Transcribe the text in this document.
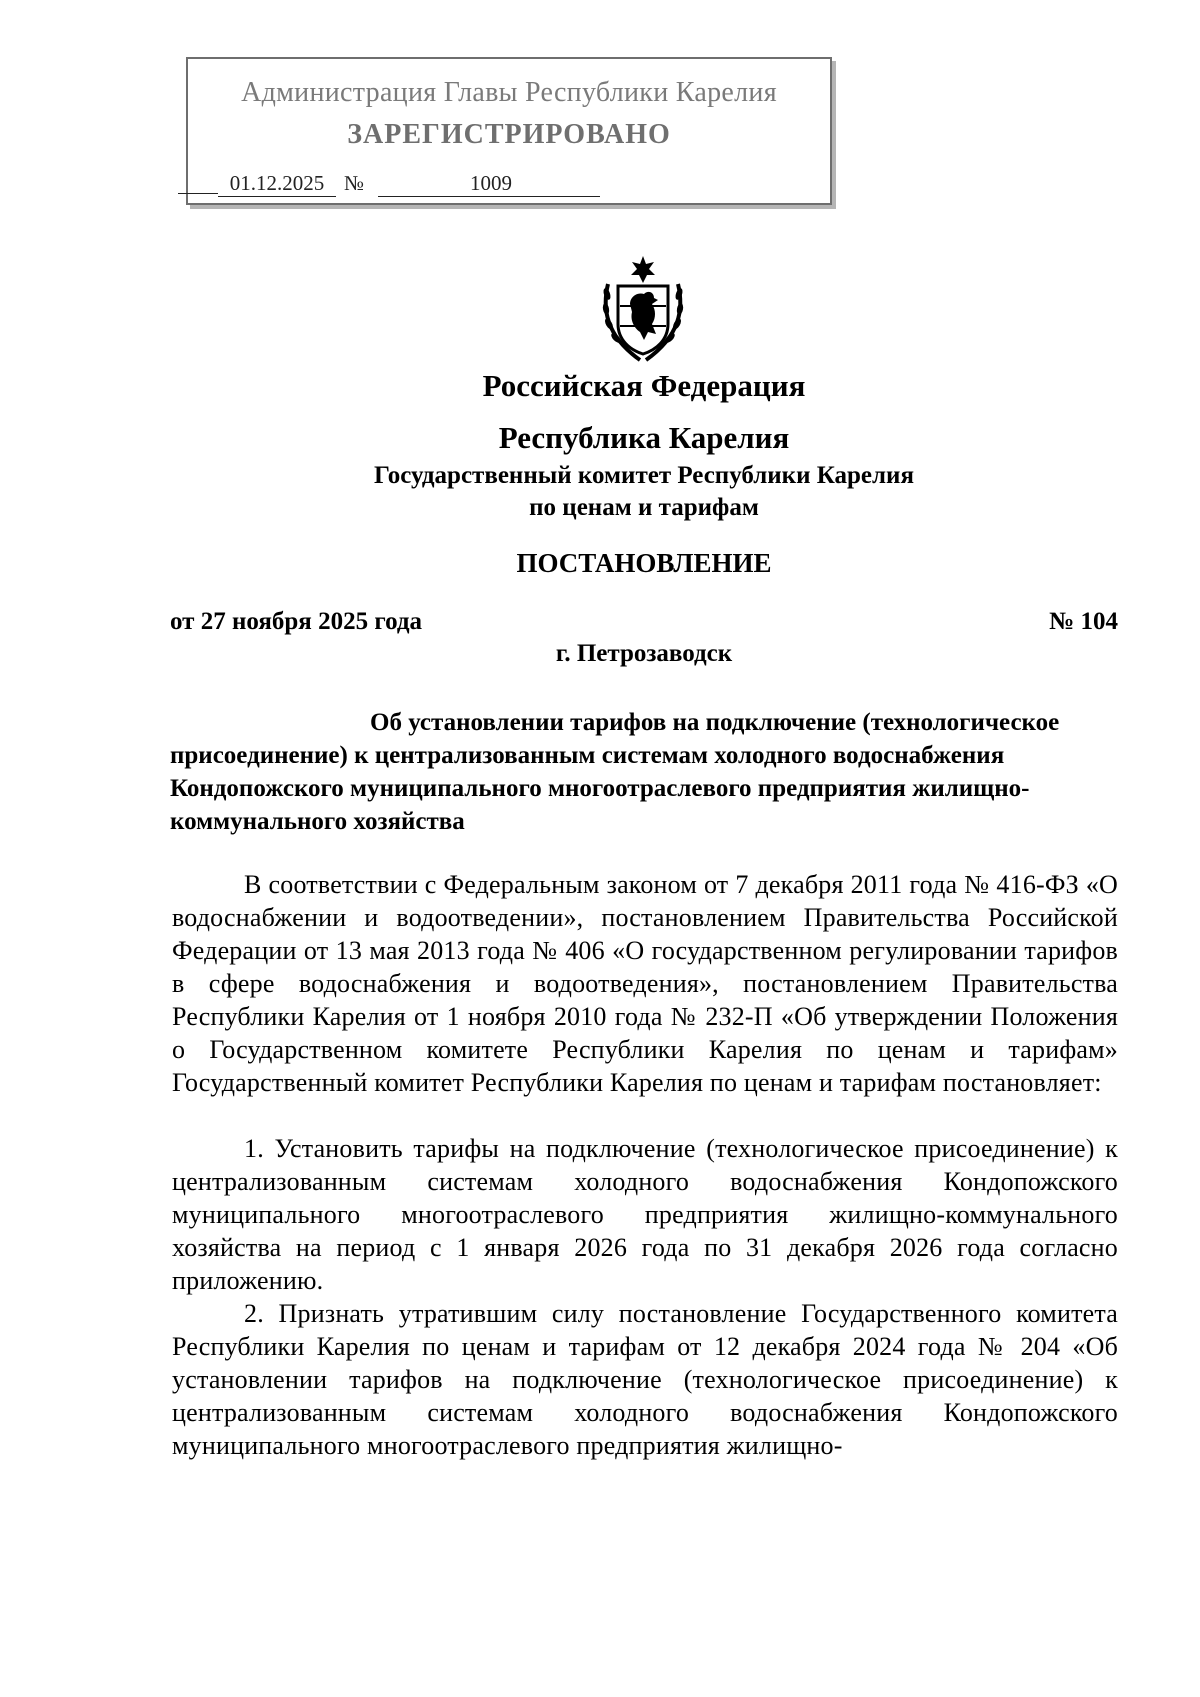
Администрация Главы Республики Карелия
ЗАРЕГИСТРИРОВАНО
01.12.2025 №	1009
Российская Федерация
Республика Карелия
Государственный комитет Республики Карелия
по ценам и тарифам
ПОСТАНОВЛЕНИЕ
от 27 ноября 2025 года	№ 104
г. Петрозаводск
Об установлении тарифов на подключение (технологическое присоединение) к централизованным системам холодного водоснабжения Кондопожского муниципального многоотраслевого предприятия жилищно-коммунального хозяйства
В соответствии с Федеральным законом от 7 декабря 2011 года № 416-ФЗ «О водоснабжении и водоотведении», постановлением Правительства Российской Федерации от 13 мая 2013 года № 406 «О государственном регулировании тарифов в сфере водоснабжения и водоотведения», постановлением Правительства Республики Карелия от 1 ноября 2010 года № 232-П «Об утверждении Положения о Государственном комитете Республики Карелия по ценам и тарифам» Государственный комитет Республики Карелия по ценам и тарифам постановляет:
1. Установить тарифы на подключение (технологическое присоединение) к централизованным системам холодного водоснабжения Кондопожского муниципального многоотраслевого предприятия жилищно-коммунального хозяйства на период с 1 января 2026 года по 31 декабря 2026 года согласно приложению.
2. Признать утратившим силу постановление Государственного комитета Республики Карелия по ценам и тарифам от 12 декабря 2024 года № 204 «Об установлении тарифов на подключение (технологическое присоединение) к централизованным системам холодного водоснабжения Кондопожского муниципального многоотраслевого предприятия жилищно-
